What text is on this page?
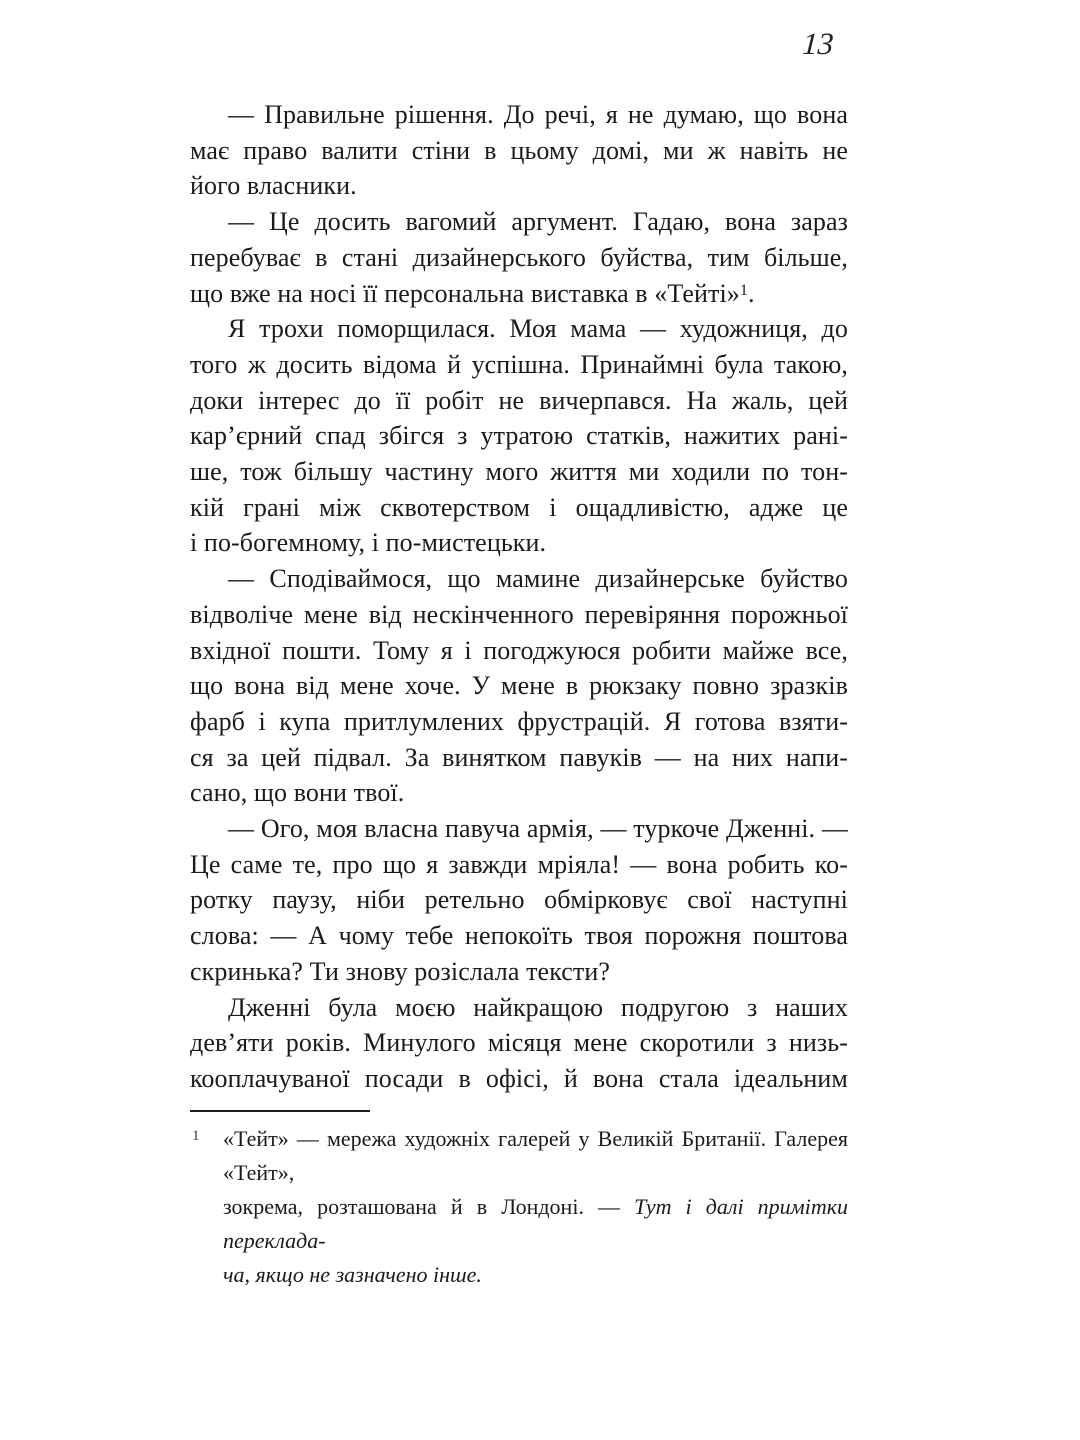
13
— Правильне рішення. До речі, я не думаю, що вона
має право валити стіни в цьому домі, ми ж навіть не
його власники.
— Це досить вагомий аргумент. Гадаю, вона зараз
перебуває в стані дизайнерського буйства, тим більше,
що вже на носі її персональна виставка в «Тейті»$^1$.
Я трохи поморщилася. Моя мама — художниця, до
того ж досить відома й успішна. Принаймні була такою,
доки інтерес до її робіт не вичерпався. На жаль, цей
кар’єрний спад збігся з утратою статків, нажитих рані-
ше, тож більшу частину мого життя ми ходили по тон-
кій грані між сквотерством і ощадливістю, адже це
і по-богемному, і по-мистецьки.
— Сподіваймося, що мамине дизайнерське буйство
відволіче мене від нескінченного перевіряння порожньої
вхідної пошти. Тому я і погоджуюся робити майже все,
що вона від мене хоче. У мене в рюкзаку повно зразків
фарб і купа притлумлених фрустрацій. Я готова взяти-
ся за цей підвал. За винятком павуків — на них напи-
сано, що вони твої.
— Ого, моя власна павуча армія, — туркоче Дженні. —
Це саме те, про що я завжди мріяла! — вона робить ко-
ротку паузу, ніби ретельно обмірковує свої наступні
слова: — А чому тебе непокоїть твоя порожня поштова
скринька? Ти знову розіслала тексти?
Дженні була моєю найкращою подругою з наших
дев’яти років. Минулого місяця мене скоротили з низь-
кооплачуваної посади в офісі, й вона стала ідеальним
1 «Тейт» — мережа художніх галерей у Великій Британії. Галерея «Тейт»,
зокрема, розташована й в Лондоні. — Тут і далі примітки переклада-
ча, якщо не зазначено інше.
